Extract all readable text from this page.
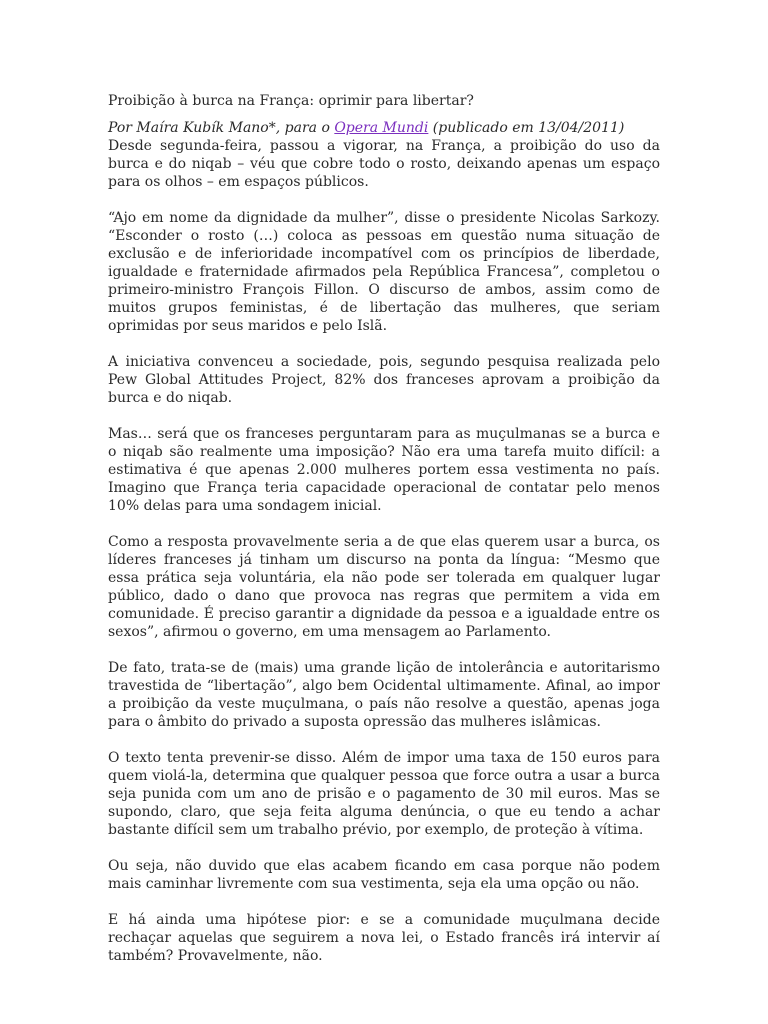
Proibição à burca na França: oprimir para libertar?

Por Maíra Kubík Mano*, para o Opera Mundi (publicado em 13/04/2011)

Desde segunda-feira, passou a vigorar, na França, a proibição do uso da burca e do niqab – véu que cobre todo o rosto, deixando apenas um espaço para os olhos – em espaços públicos.

“Ajo em nome da dignidade da mulher”, disse o presidente Nicolas Sarkozy. “Esconder o rosto (…) coloca as pessoas em questão numa situação de exclusão e de inferioridade incompatível com os princípios de liberdade, igualdade e fraternidade afirmados pela República Francesa”, completou o primeiro-ministro François Fillon. O discurso de ambos, assim como de muitos grupos feministas, é de libertação das mulheres, que seriam oprimidas por seus maridos e pelo Islã.

A iniciativa convenceu a sociedade, pois, segundo pesquisa realizada pelo Pew Global Attitudes Project, 82% dos franceses aprovam a proibição da burca e do niqab.

Mas… será que os franceses perguntaram para as muçulmanas se a burca e o niqab são realmente uma imposição? Não era uma tarefa muito difícil: a estimativa é que apenas 2.000 mulheres portem essa vestimenta no país. Imagino que França teria capacidade operacional de contatar pelo menos 10% delas para uma sondagem inicial.

Como a resposta provavelmente seria a de que elas querem usar a burca, os líderes franceses já tinham um discurso na ponta da língua: “Mesmo que essa prática seja voluntária, ela não pode ser tolerada em qualquer lugar público, dado o dano que provoca nas regras que permitem a vida em comunidade. É preciso garantir a dignidade da pessoa e a igualdade entre os sexos”, afirmou o governo, em uma mensagem ao Parlamento.

De fato, trata-se de (mais) uma grande lição de intolerância e autoritarismo travestida de “libertação”, algo bem Ocidental ultimamente. Afinal, ao impor a proibição da veste muçulmana, o país não resolve a questão, apenas joga para o âmbito do privado a suposta opressão das mulheres islâmicas.

O texto tenta prevenir-se disso. Além de impor uma taxa de 150 euros para quem violá-la, determina que qualquer pessoa que force outra a usar a burca seja punida com um ano de prisão e o pagamento de 30 mil euros. Mas se supondo, claro, que seja feita alguma denúncia, o que eu tendo a achar bastante difícil sem um trabalho prévio, por exemplo, de proteção à vítima.

Ou seja, não duvido que elas acabem ficando em casa porque não podem mais caminhar livremente com sua vestimenta, seja ela uma opção ou não.

E há ainda uma hipótese pior: e se a comunidade muçulmana decide rechaçar aquelas que seguirem a nova lei, o Estado francês irá intervir aí também? Provavelmente, não.
